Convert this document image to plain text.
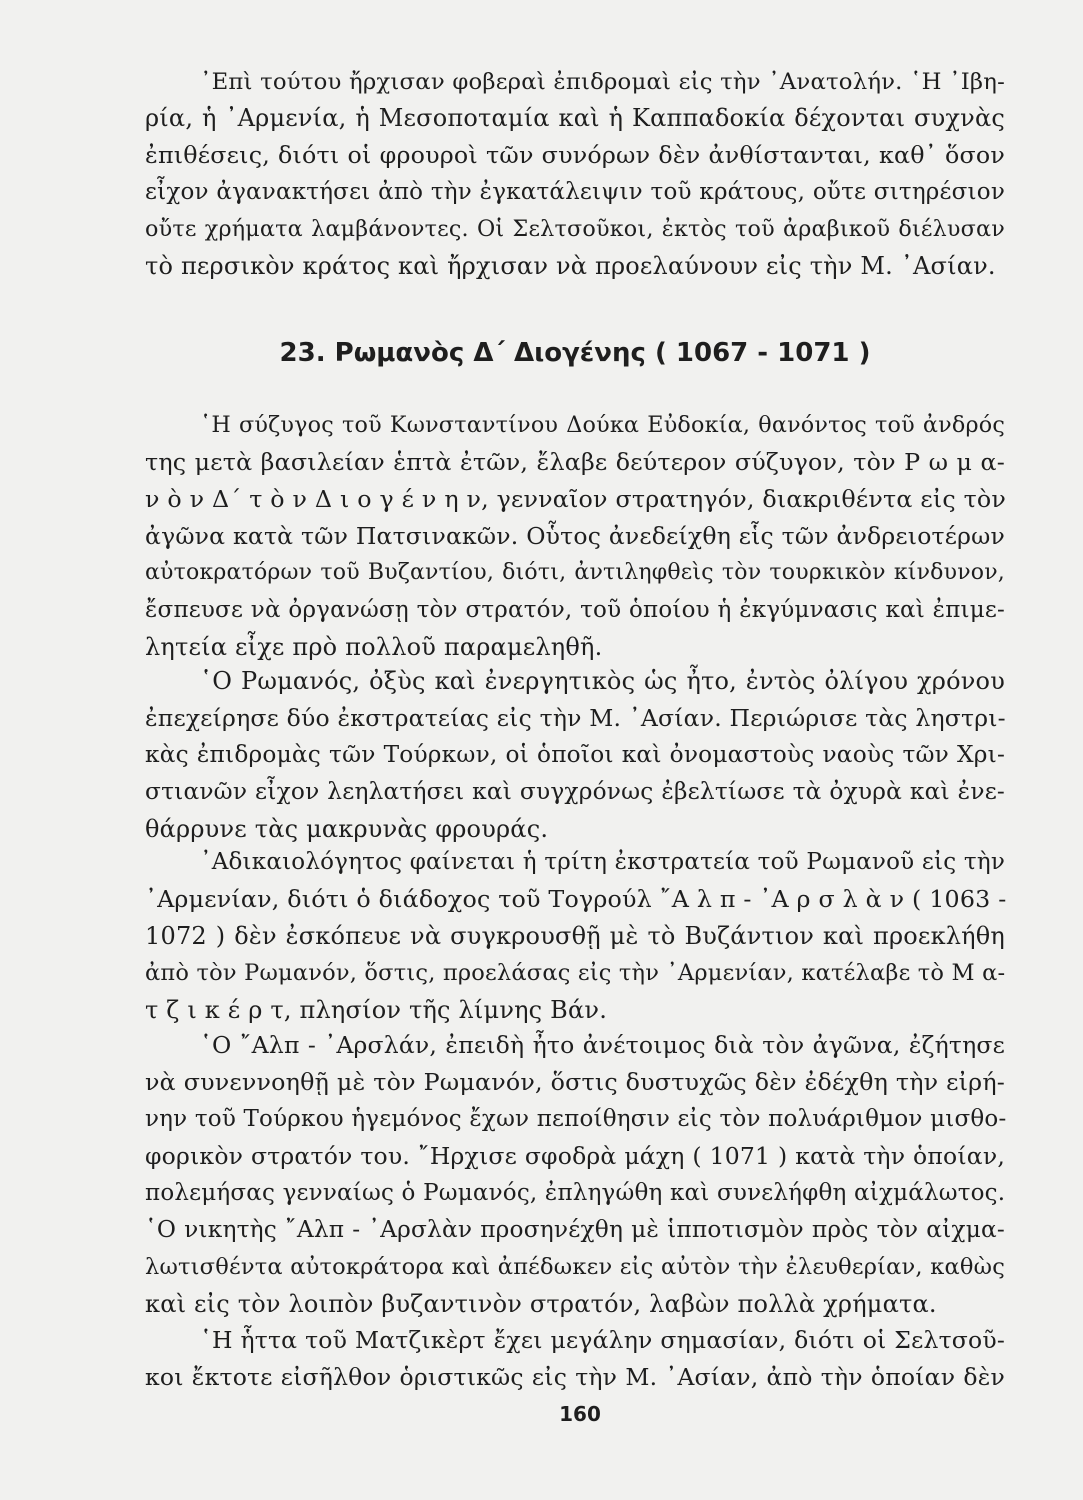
᾿Επὶ τούτου ἤρχισαν φοβεραὶ ἐπιδρομαὶ εἰς τὴν ᾿Ανατολήν. ῾Η ᾿Ιβη-
ρία, ἡ ᾿Αρμενία, ἡ Μεσοποταμία καὶ ἡ Καππαδοκία δέχονται συχνὰς
ἐπιθέσεις, διότι οἱ φρουροὶ τῶν συνόρων δὲν ἀνθίστανται, καθ᾿ ὅσον
εἶχον ἀγανακτήσει ἀπὸ τὴν ἐγκατάλειψιν τοῦ κράτους, οὔτε σιτηρέσιον
οὔτε χρήματα λαμβάνοντες. Οἱ Σελτσοῦκοι, ἐκτὸς τοῦ ἀραβικοῦ διέλυσαν
τὸ περσικὸν κράτος καὶ ἤρχισαν νὰ προελαύνουν εἰς τὴν Μ. ᾿Ασίαν.
23. Ρωμανὸς Δ΄ Διογένης ( 1067 - 1071 )
῾Η σύζυγος τοῦ Κωνσταντίνου Δούκα Εὐδοκία, θανόντος τοῦ ἀνδρός
της μετὰ βασιλείαν ἑπτὰ ἐτῶν, ἔλαβε δεύτερον σύζυγον, τὸν Ρ ω μ α-
ν ὸ ν Δ΄ τ ὸ ν Δ ι ο γ έ ν η ν, γενναῖον στρατηγόν, διακριθέντα εἰς τὸν
ἀγῶνα κατὰ τῶν Πατσινακῶν. Οὗτος ἀνεδείχθη εἷς τῶν ἀνδρειοτέρων
αὐτοκρατόρων τοῦ Βυζαντίου, διότι, ἀντιληφθεὶς τὸν τουρκικὸν κίνδυνον,
ἔσπευσε νὰ ὀργανώσῃ τὸν στρατόν, τοῦ ὁποίου ἡ ἐκγύμνασις καὶ ἐπιμε-
λητεία εἶχε πρὸ πολλοῦ παραμεληθῆ.
῾Ο Ρωμανός, ὀξὺς καὶ ἐνεργητικὸς ὡς ἦτο, ἐντὸς ὀλίγου χρόνου
ἐπεχείρησε δύο ἐκστρατείας εἰς τὴν Μ. ᾿Ασίαν. Περιώρισε τὰς ληστρι-
κὰς ἐπιδρομὰς τῶν Τούρκων, οἱ ὁποῖοι καὶ ὀνομαστοὺς ναοὺς τῶν Χρι-
στιανῶν εἶχον λεηλατήσει καὶ συγχρόνως ἐβελτίωσε τὰ ὀχυρὰ καὶ ἐνε-
θάρρυνε τὰς μακρυνὰς φρουράς.
᾿Αδικαιολόγητος φαίνεται ἡ τρίτη ἐκστρατεία τοῦ Ρωμανοῦ εἰς τὴν
᾿Αρμενίαν, διότι ὁ διάδοχος τοῦ Τογρούλ ῎Α λ π - ᾿Α ρ σ λ ὰ ν ( 1063 -
1072 ) δὲν ἐσκόπευε νὰ συγκρουσθῇ μὲ τὸ Βυζάντιον καὶ προεκλήθη
ἀπὸ τὸν Ρωμανόν, ὅστις, προελάσας εἰς τὴν ᾿Αρμενίαν, κατέλαβε τὸ Μ α-
τ ζ ι κ έ ρ τ, πλησίον τῆς λίμνης Βάν.
῾Ο ῎Αλπ - ᾿Αρσλάν, ἐπειδὴ ἦτο ἀνέτοιμος διὰ τὸν ἀγῶνα, ἐζήτησε
νὰ συνεννοηθῇ μὲ τὸν Ρωμανόν, ὅστις δυστυχῶς δὲν ἐδέχθη τὴν εἰρή-
νην τοῦ Τούρκου ἡγεμόνος ἔχων πεποίθησιν εἰς τὸν πολυάριθμον μισθο-
φορικὸν στρατόν του. ῎Ηρχισε σφοδρὰ μάχη ( 1071 ) κατὰ τὴν ὁποίαν,
πολεμήσας γενναίως ὁ Ρωμανός, ἐπληγώθη καὶ συνελήφθη αἰχμάλωτος.
῾Ο νικητὴς ῎Αλπ - ᾿Αρσλὰν προσηνέχθη μὲ ἱπποτισμὸν πρὸς τὸν αἰχμα-
λωτισθέντα αὐτοκράτορα καὶ ἀπέδωκεν εἰς αὐτὸν τὴν ἐλευθερίαν, καθὼς
καὶ εἰς τὸν λοιπὸν βυζαντινὸν στρατόν, λαβὼν πολλὰ χρήματα.
῾Η ἧττα τοῦ Ματζικὲρτ ἔχει μεγάλην σημασίαν, διότι οἱ Σελτσοῦ-
κοι ἔκτοτε εἰσῆλθον ὁριστικῶς εἰς τὴν Μ. ᾿Ασίαν, ἀπὸ τὴν ὁποίαν δὲν
160
